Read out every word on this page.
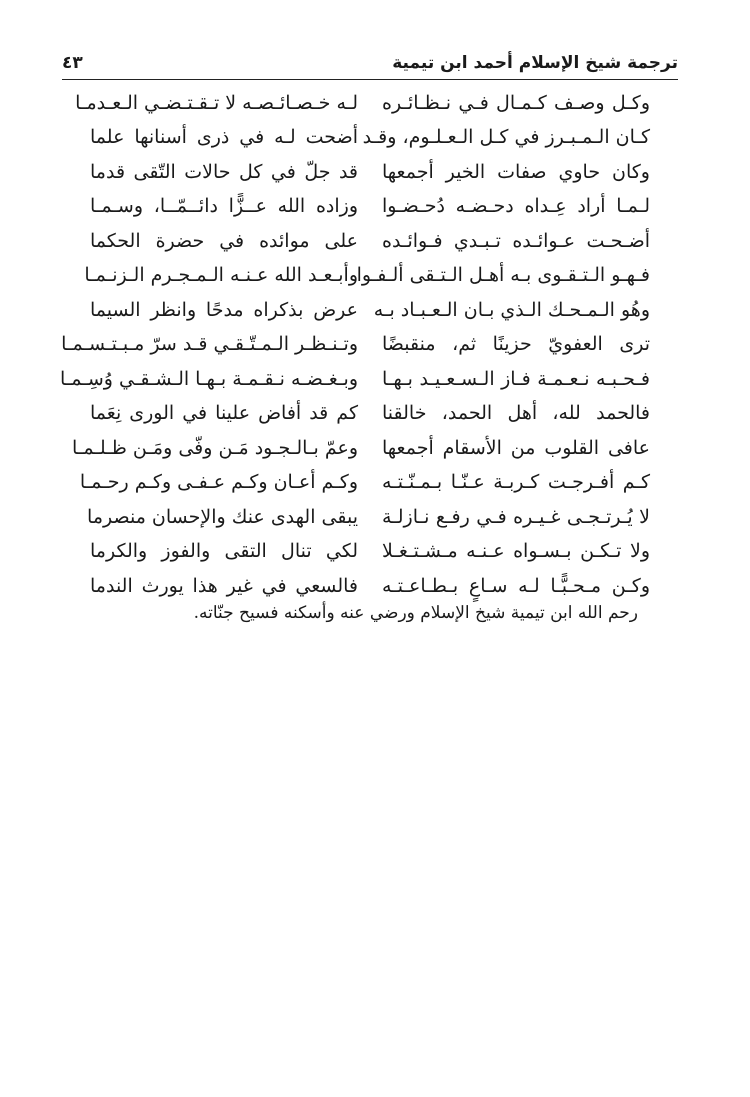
ترجمة شيخ الإسلام أحمد ابن تيمية
٤٣
وكـل وصـف كـمـال فـي نـظـائـره
لـه خـصـائـصـه لا تـقـتـضـي الـعـدمـا
كـان الـمـبـرز في كـل الـعـلـوم، وقـد
أضحت لـه في ذرى أسنانها علما
وكان حاوي صفات الخير أجمعها
قد جلّ في كل حالات التّقى قدما
لـمـا أراد عِـداه دحـضـه دُحـضـوا
وزاده الله عــزًّا دائــمّــا، وسـمـا
أضـحـت عـوائـده تـبـدي فـوائـده
على موائده في حضرة الحكما
فـهـو الـتـقـوى بـه أهـل الـتـقى ألـفـوا
وأبـعـد الله عـنـه الـمـجـرم الـزنـمـا
وهُو الـمـحـك الـذي بـان الـعـبـاد بـه
عرض بذكراه مدحًا وانظر السيما
ترى العفويّ حزينًا ثم، منقبضًا
وتـنـظـر الـمـتّـقـي قـد سرّ مـبـتـسـمـا
فـحـبـه نـعـمـة فـاز الـسـعـيـد بـهـا
وبـغـضـه نـقـمـة بـهـا الـشـقـي وُسِـمـا
فالحمد لله، أهل الحمد، خالقنا
كم قد أفاض علينا في الورى نِعَما
عافى القلوب من الأسقام أجمعها
وعمّ بـالـجـود مَـن وفّى ومَـن ظـلـمـا
كـم أفـرجـت كـربـة عـنّـا بـمـنّـتـه
وكـم أعـان وكـم عـفـى وكـم رحـمـا
لا يُـرتـجـى غـيـره فـي رفـع نـازلـة
يبقى الهدى عنك والإحسان منصرما
ولا تـكـن بـسـواه عـنـه مـشـتـغـلا
لكي تنال التقى والفوز والكرما
وكـن مـحـبًّـا لـه سـاعٍ بـطـاعـتـه
فالسعي في غير هذا يورث الندما
رحم الله ابن تيمية شيخ الإسلام ورضي عنه وأسكنه فسيح جنّاته.
